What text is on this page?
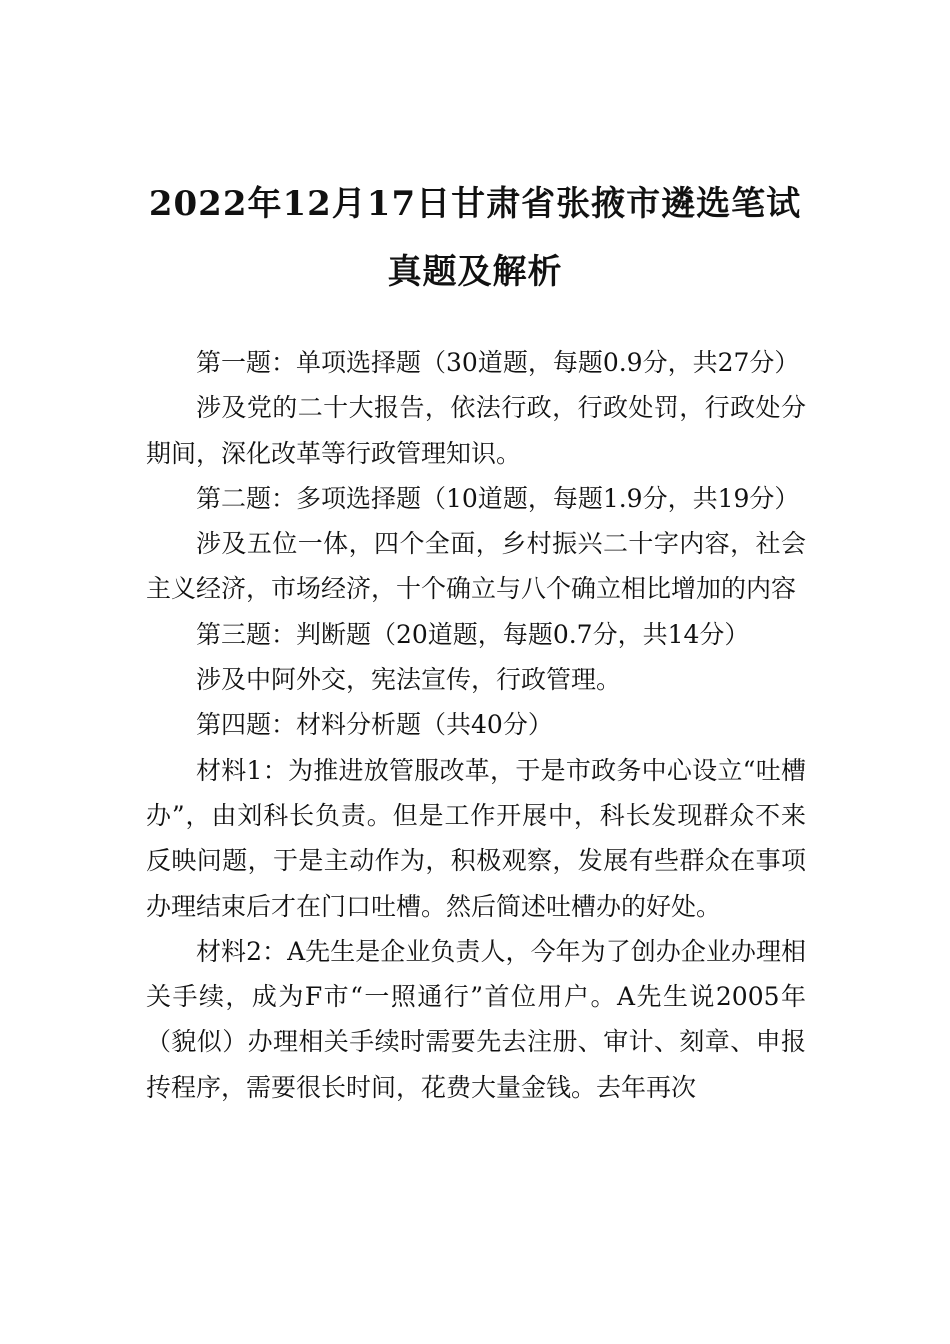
2022年12月17日甘肃省张掖市遴选笔试
真题及解析

第一题：单项选择题（30道题，每题0.9分，共27分）

涉及党的二十大报告，依法行政，行政处罚，行政处分期间，深化改革等行政管理知识。

第二题：多项选择题（10道题，每题1.9分，共19分）

涉及五位一体，四个全面，乡村振兴二十字内容，社会主义经济，市场经济，十个确立与八个确立相比增加的内容

第三题：判断题（20道题，每题0.7分，共14分）

涉及中阿外交，宪法宣传，行政管理。

第四题：材料分析题（共40分）

材料1：为推进放管服改革，于是市政务中心设立“吐槽办”，由刘科长负责。但是工作开展中，科长发现群众不来反映问题，于是主动作为，积极观察，发展有些群众在事项办理结束后才在门口吐槽。然后简述吐槽办的好处。

材料2：A先生是企业负责人，今年为了创办企业办理相关手续，成为F市“一照通行”首位用户。A先生说2005年（貌似）办理相关手续时需要先去注册、审计、刻章、申报抟程序，需要很长时间，花费大量金钱。去年再次
